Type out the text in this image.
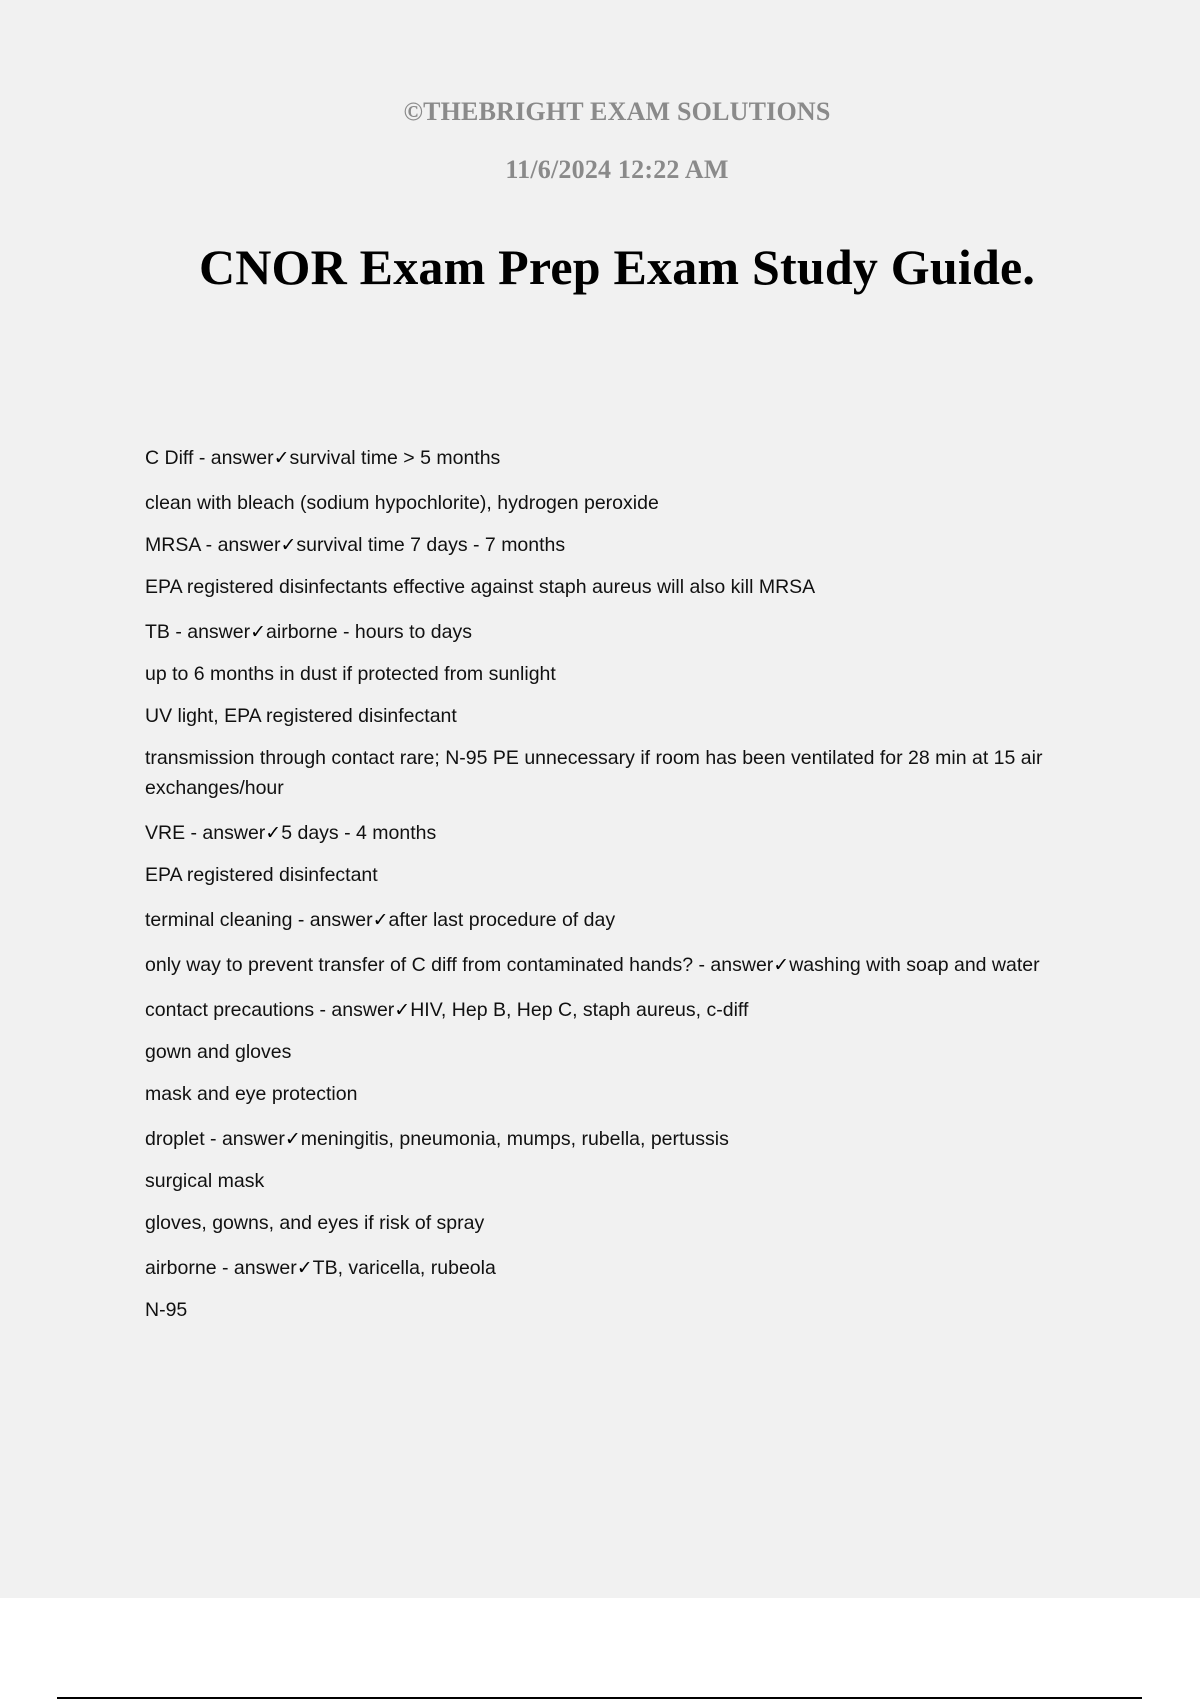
©THEBRIGHT EXAM SOLUTIONS

11/6/2024 12:22 AM

CNOR Exam Prep Exam Study Guide.
C Diff - answer✓survival time > 5 months
clean with bleach (sodium hypochlorite), hydrogen peroxide
MRSA - answer✓survival time 7 days - 7 months
EPA registered disinfectants effective against staph aureus will also kill MRSA
TB - answer✓airborne - hours to days
up to 6 months in dust if protected from sunlight
UV light, EPA registered disinfectant
transmission through contact rare; N-95 PE unnecessary if room has been ventilated for 28 min at 15 air exchanges/hour
VRE - answer✓5 days - 4 months
EPA registered disinfectant
terminal cleaning - answer✓after last procedure of day
only way to prevent transfer of C diff from contaminated hands? - answer✓washing with soap and water
contact precautions - answer✓HIV, Hep B, Hep C, staph aureus, c-diff
gown and gloves
mask and eye protection
droplet - answer✓meningitis, pneumonia, mumps, rubella, pertussis
surgical mask
gloves, gowns, and eyes if risk of spray
airborne - answer✓TB, varicella, rubeola
N-95
